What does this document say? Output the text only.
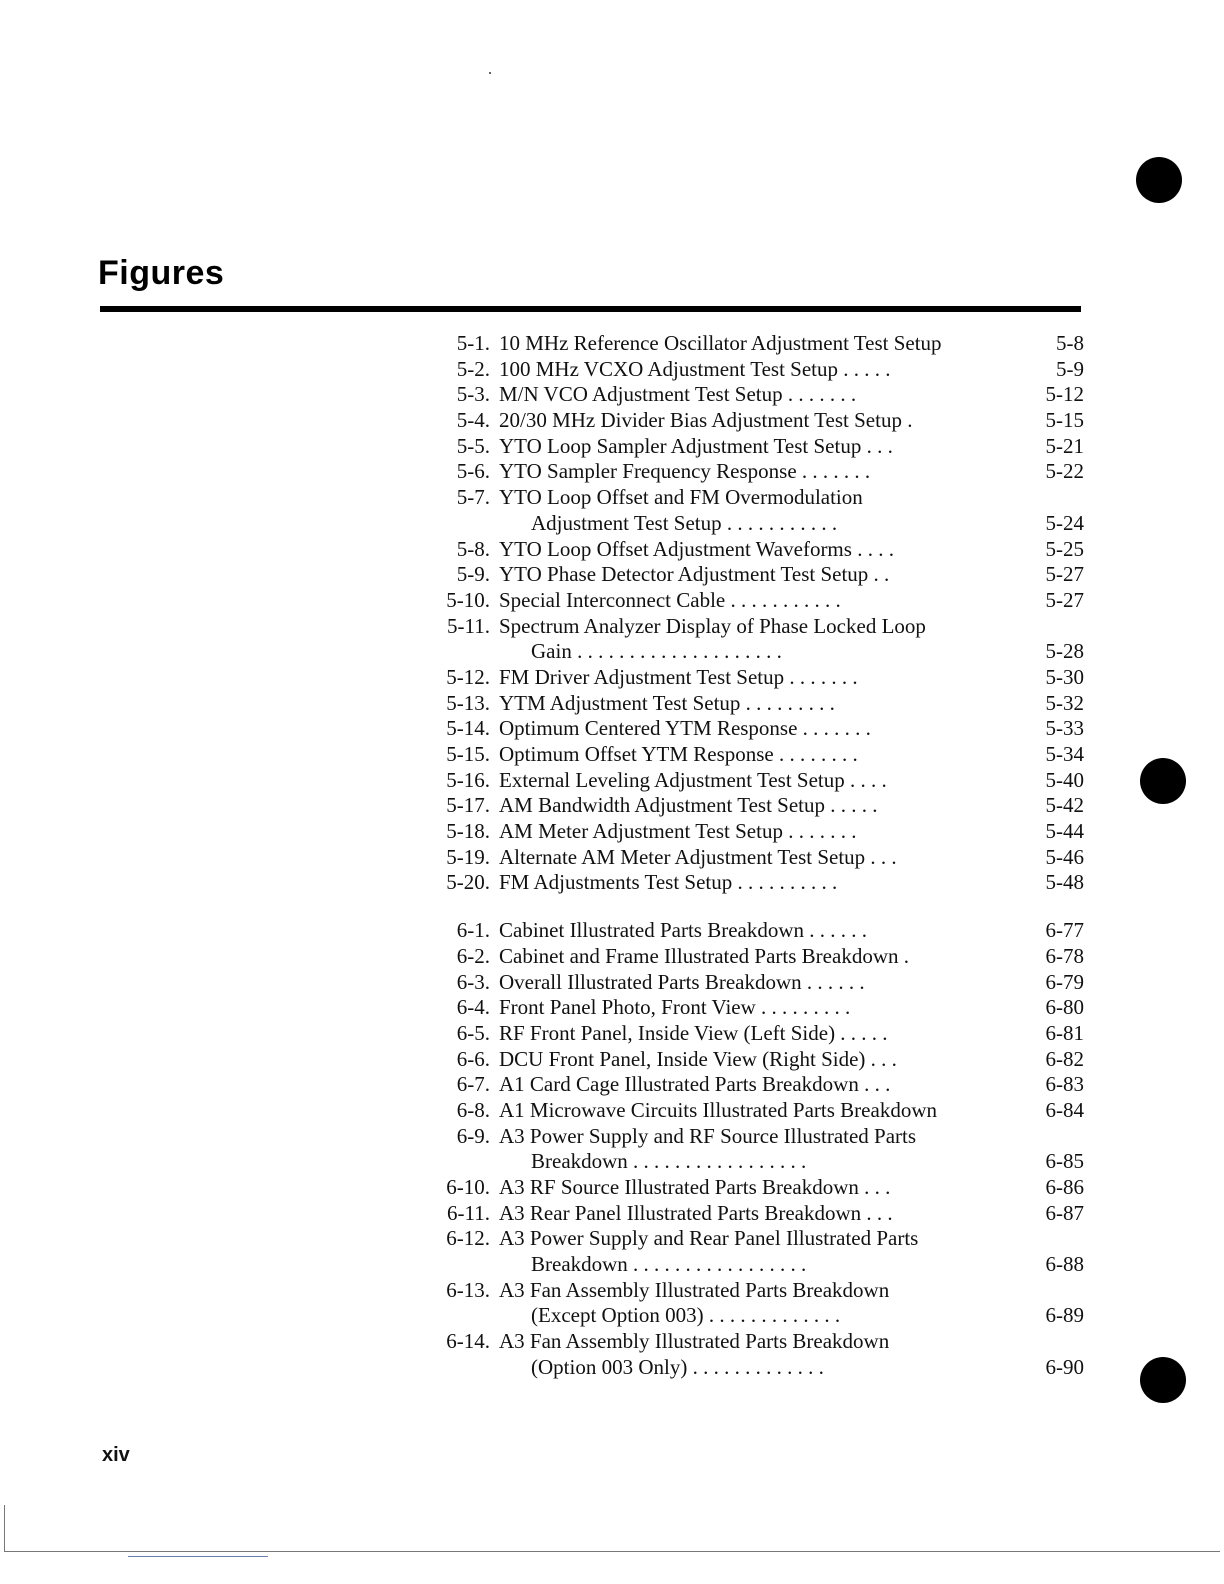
Figures
5-1. 10 MHz Reference Oscillator Adjustment Test Setup	5-8
5-2. 100 MHz VCXO Adjustment Test Setup . . . . .	5-9
5-3. M/N VCO Adjustment Test Setup . . . . . . .	5-12
5-4. 20/30 MHz Divider Bias Adjustment Test Setup .	5-15
5-5. YTO Loop Sampler Adjustment Test Setup . . .	5-21
5-6. YTO Sampler Frequency Response . . . . . . .	5-22
5-7. YTO Loop Offset and FM Overmodulation
Adjustment Test Setup . . . . . . . . . . .	5-24
5-8. YTO Loop Offset Adjustment Waveforms . . . .	5-25
5-9. YTO Phase Detector Adjustment Test Setup . .	5-27
5-10. Special Interconnect Cable . . . . . . . . . . .	5-27
5-11. Spectrum Analyzer Display of Phase Locked Loop
Gain . . . . . . . . . . . . . . . . . . . .	5-28
5-12. FM Driver Adjustment Test Setup . . . . . . .	5-30
5-13. YTM Adjustment Test Setup . . . . . . . . .	5-32
5-14. Optimum Centered YTM Response . . . . . . .	5-33
5-15. Optimum Offset YTM Response . . . . . . . .	5-34
5-16. External Leveling Adjustment Test Setup . . . .	5-40
5-17. AM Bandwidth Adjustment Test Setup . . . . .	5-42
5-18. AM Meter Adjustment Test Setup . . . . . . .	5-44
5-19. Alternate AM Meter Adjustment Test Setup . . .	5-46
5-20. FM Adjustments Test Setup . . . . . . . . . .	5-48
6-1. Cabinet Illustrated Parts Breakdown . . . . . .	6-77
6-2. Cabinet and Frame Illustrated Parts Breakdown .	6-78
6-3. Overall Illustrated Parts Breakdown . . . . . .	6-79
6-4. Front Panel Photo, Front View . . . . . . . . .	6-80
6-5. RF Front Panel, Inside View (Left Side) . . . . .	6-81
6-6. DCU Front Panel, Inside View (Right Side) . . .	6-82
6-7. A1 Card Cage Illustrated Parts Breakdown . . .	6-83
6-8. A1 Microwave Circuits Illustrated Parts Breakdown	6-84
6-9. A3 Power Supply and RF Source Illustrated Parts
Breakdown . . . . . . . . . . . . . . . . .	6-85
6-10. A3 RF Source Illustrated Parts Breakdown . . .	6-86
6-11. A3 Rear Panel Illustrated Parts Breakdown . . .	6-87
6-12. A3 Power Supply and Rear Panel Illustrated Parts
Breakdown . . . . . . . . . . . . . . . . .	6-88
6-13. A3 Fan Assembly Illustrated Parts Breakdown
(Except Option 003) . . . . . . . . . . . . .	6-89
6-14. A3 Fan Assembly Illustrated Parts Breakdown
(Option 003 Only) . . . . . . . . . . . . .	6-90
xiv
